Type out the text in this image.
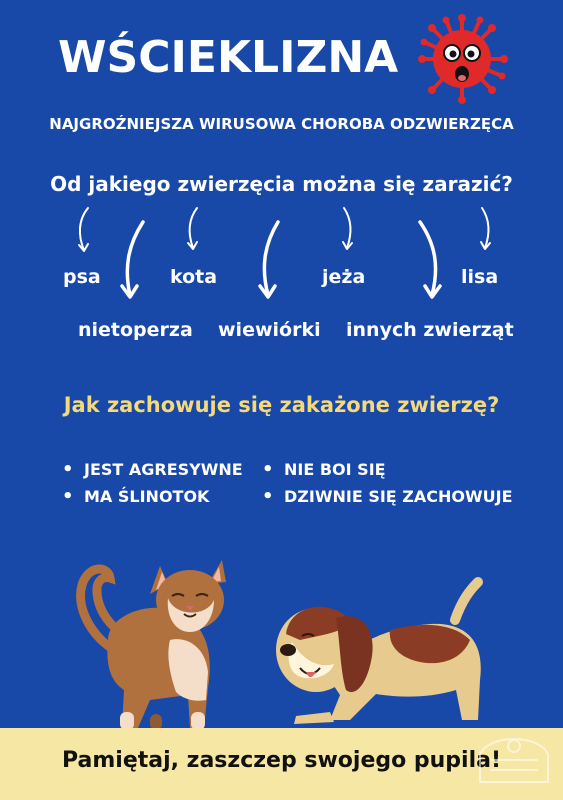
WŚCIEKLIZNA
NAJGROŹNIEJSZA WIRUSOWA CHOROBA ODZWIERZĘCA
Od jakiego zwierzęcia można się zarazić?
psa	kota	jeża	lisa
nietoperza wiewiórki innych zwierząt
Jak zachowuje się zakażone zwierzę?
• JEST AGRESYWNE
• MA ŚLINOTOK
• NIE BOI SIĘ
• DZIWNIE SIĘ ZACHOWUJE
Pamiętaj, zaszczep swojego pupila!
